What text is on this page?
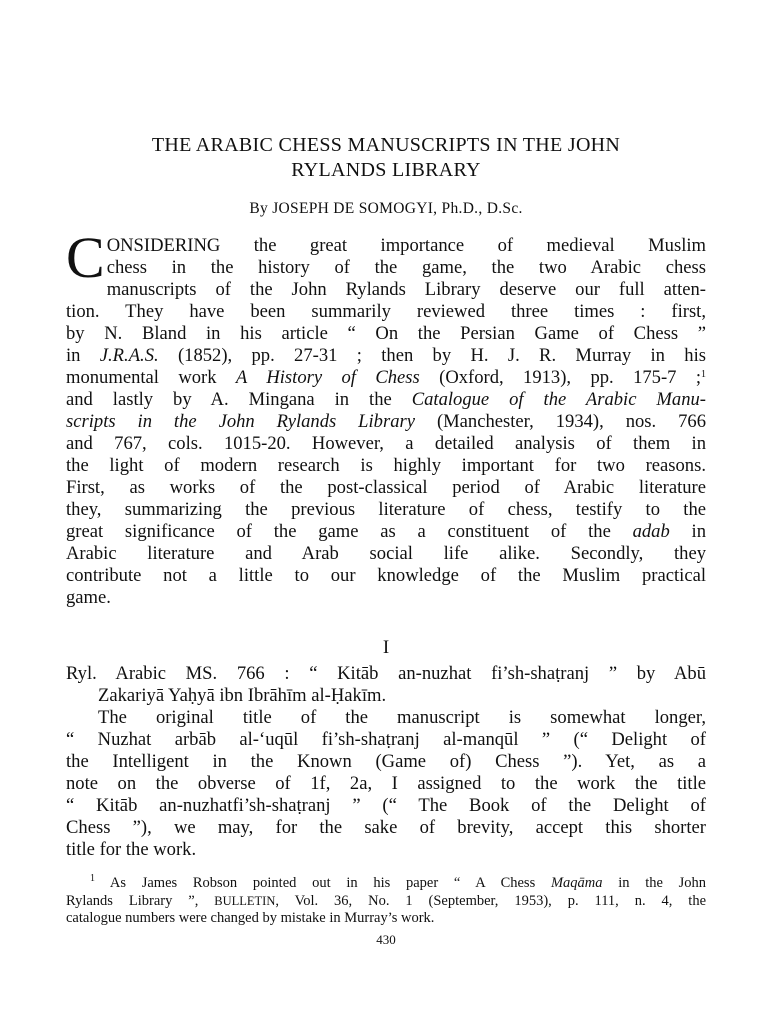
THE ARABIC CHESS MANUSCRIPTS IN THE JOHN
RYLANDS LIBRARY
By JOSEPH DE SOMOGYI, Ph.D., D.Sc.
C ONSIDERING the great importance of medieval Muslim
chess in the history of the game, the two Arabic chess
manuscripts of the John Rylands Library deserve our full atten-
tion. They have been summarily reviewed three times : first,
by N. Bland in his article “ On the Persian Game of Chess ”
in J.R.A.S. (1852), pp. 27-31 ; then by H. J. R. Murray in his
monumental work A History of Chess (Oxford, 1913), pp. 175-7 ;$^1$
and lastly by A. Mingana in the Catalogue of the Arabic Manu-
scripts in the John Rylands Library (Manchester, 1934), nos. 766
and 767, cols. 1015-20. However, a detailed analysis of them in
the light of modern research is highly important for two reasons.
First, as works of the post-classical period of Arabic literature
they, summarizing the previous literature of chess, testify to the
great significance of the game as a constituent of the adab in
Arabic literature and Arab social life alike. Secondly, they
contribute not a little to our knowledge of the Muslim practical
game.
I
Ryl. Arabic MS. 766 : “ Kitāb an-nuzhat fi’sh-shaṭranj ” by Abū
Zakariyā Yaḥyā ibn Ibrāhīm al-Ḥakīm.
The original title of the manuscript is somewhat longer,
“ Nuzhat arbāb al-‘uqūl fi’sh-shaṭranj al-manqūl ” (“ Delight of
the Intelligent in the Known (Game of) Chess ”). Yet, as a
note on the obverse of 1f, 2a, I assigned to the work the title
“ Kitāb an-nuzhatfi’sh-shaṭranj ” (“ The Book of the Delight of
Chess ”), we may, for the sake of brevity, accept this shorter
title for the work.
$^1$ As James Robson pointed out in his paper “ A Chess Maqāma in the John
Rylands Library ”, BULLETIN, Vol. 36, No. 1 (September, 1953), p. 111, n. 4, the
catalogue numbers were changed by mistake in Murray’s work.
430
